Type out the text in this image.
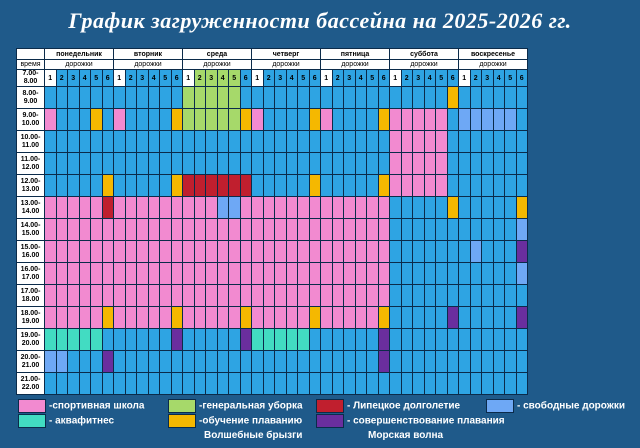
График загруженности бассейна на 2025-2026 гг.
	понедельник						вторник						среда						четверг						пятница						суббота						воскресенье					
время	дорожки						дорожки						дорожки						дорожки						дорожки						дорожки						дорожки					
7.00-
8.00	1	2	3	4	5	6	1	2	3	4	5	6	1	2	3	4	5	6	1	2	3	4	5	6	1	2	3	4	5	6	1	2	3	4	5	6	1	2	3	4	5	6
8.00-
9.00																																										
9.00-
10.00																																										
10.00-
11.00																																										
11.00-
12.00																																										
12.00-
13.00																																										
13.00-
14.00																																										
14.00-
15.00																																										
15.00-
16.00																																										
16.00-
17.00																																										
17.00-
18.00																																										
18.00-
19.00																																										
19.00-
20.00																																										
20.00-
21.00																																										
21.00-
22.00																																										
-спортивная школа	-генеральная уборка	- Липецкое долголетие	- свободные дорожки
- аквафитнес	-обучение плаванию	- совершенствование плавания
Волшебные брызги	Морская волна
